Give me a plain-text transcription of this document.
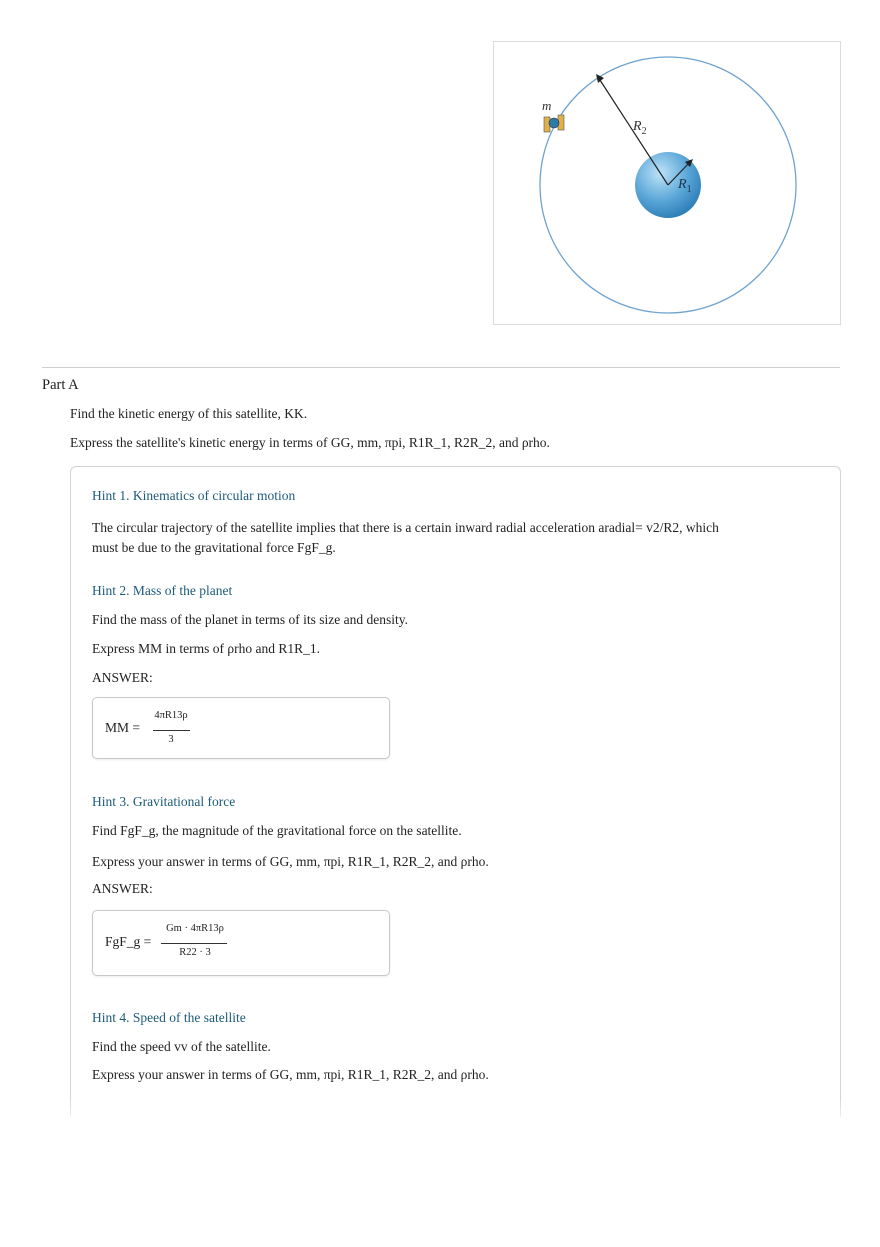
m
$R_2$
$R_1$
Part A
Find the kinetic energy of this satellite, KK.
Express the satellite's kinetic energy in terms of GG, mm, πpi, R1R_1, R2R_2, and ρrho.
Hint 1. Kinematics of circular motion
The circular trajectory of the satellite implies that there is a certain inward radial acceleration aradial= v2/R2, which
must be due to the gravitational force FgF_g.
Hint 2. Mass of the planet
Find the mass of the planet in terms of its size and density.
Express MM in terms of ρrho and R1R_1.
ANSWER:
MM =
4πR13ρ
3
Hint 3. Gravitational force
Find FgF_g, the magnitude of the gravitational force on the satellite.
Express your answer in terms of GG, mm, πpi, R1R_1, R2R_2, and ρrho.
ANSWER:
FgF_g =
Gm · 4πR13ρ
R22 · 3
Hint 4. Speed of the satellite
Find the speed vv of the satellite.
Express your answer in terms of GG, mm, πpi, R1R_1, R2R_2, and ρrho.
